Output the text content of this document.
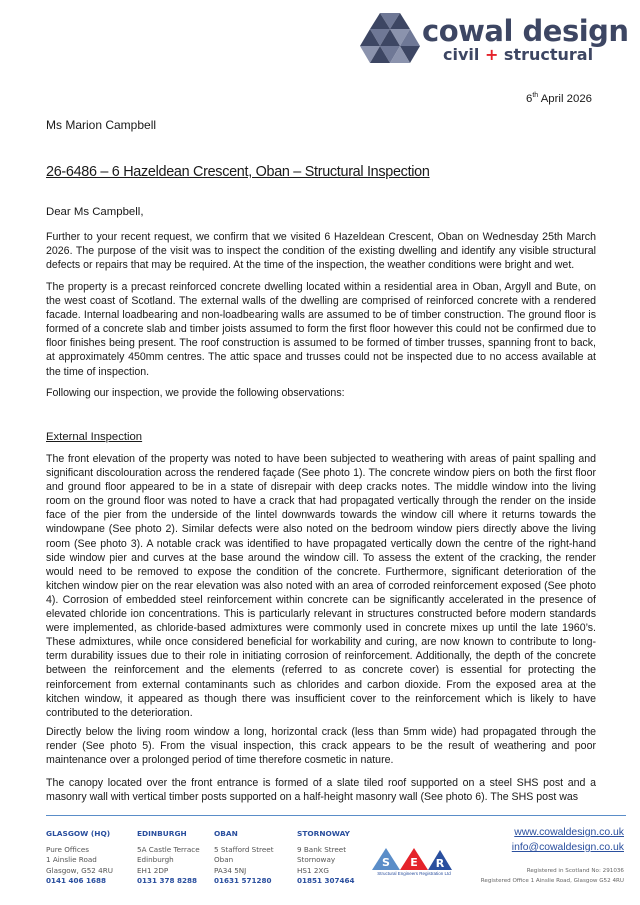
cowal design
civil + structural
6th April 2026
Ms Marion Campbell
26-6486 – 6 Hazeldean Crescent, Oban – Structural Inspection
Dear Ms Campbell,

Further to your recent request, we confirm that we visited 6 Hazeldean Crescent, Oban on Wednesday 25th March 2026. The purpose of the visit was to inspect the condition of the existing dwelling and identify any visible structural defects or repairs that may be required. At the time of the inspection, the weather conditions were bright and wet.

The property is a precast reinforced concrete dwelling located within a residential area in Oban, Argyll and Bute, on the west coast of Scotland. The external walls of the dwelling are comprised of reinforced concrete with a rendered facade. Internal loadbearing and non-loadbearing walls are assumed to be of timber construction. The ground floor is formed of a concrete slab and timber joists assumed to form the first floor however this could not be confirmed due to floor finishes being present. The roof construction is assumed to be formed of timber trusses, spanning front to back, at approximately 450mm centres. The attic space and trusses could not be inspected due to no access available at the time of inspection.

Following our inspection, we provide the following observations:

External Inspection

The front elevation of the property was noted to have been subjected to weathering with areas of paint spalling and significant discolouration across the rendered façade (See photo 1). The concrete window piers on both the first floor and ground floor appeared to be in a state of disrepair with deep cracks notes. The middle window into the living room on the ground floor was noted to have a crack that had propagated vertically through the render on the inside face of the pier from the underside of the lintel downwards towards the window cill where it returns towards the windowpane (See photo 2). Similar defects were also noted on the bedroom window piers directly above the living room (See photo 3). A notable crack was identified to have propagated vertically down the centre of the right-hand side window pier and curves at the base around the window cill. To assess the extent of the cracking, the render would need to be removed to expose the condition of the concrete. Furthermore, significant deterioration of the kitchen window pier on the rear elevation was also noted with an area of corroded reinforcement exposed (See photo 4). Corrosion of embedded steel reinforcement within concrete can be significantly accelerated in the presence of elevated chloride ion concentrations. This is particularly relevant in structures constructed before modern standards were implemented, as chloride-based admixtures were commonly used in concrete mixes up until the late 1960’s. These admixtures, while once considered beneficial for workability and curing, are now known to contribute to long-term durability issues due to their role in initiating corrosion of reinforcement. Additionally, the depth of the concrete between the reinforcement and the elements (referred to as concrete cover) is essential for protecting the reinforcement from external contaminants such as chlorides and carbon dioxide. From the exposed area at the kitchen window, it appeared as though there was insufficient cover to the reinforcement which is likely to have contributed to the deterioration.

Directly below the living room window a long, horizontal crack (less than 5mm wide) had propagated through the render (See photo 5). From the visual inspection, this crack appears to be the result of weathering and poor maintenance over a prolonged period of time therefore cosmetic in nature.

The canopy located over the front entrance is formed of a slate tiled roof supported on a steel SHS post and a masonry wall with vertical timber posts supported on a half-height masonry wall (See photo 6). The SHS post was

GLASGOW (HQ)
Pure Offices
1 Ainslie Road
Glasgow, G52 4RU
0141 406 1688
EDINBURGH
5A Castle Terrace
Edinburgh
EH1 2DP
0131 378 8288
OBAN
5 Stafford Street
Oban
PA34 5NJ
01631 571280
STORNOWAY
9 Bank Street
Stornoway
HS1 2XG
01851 307464
S E R
Structural Engineers Registration Ltd
www.cowaldesign.co.uk
info@cowaldesign.co.uk
Registered in Scotland No: 291036
Registered Office 1 Ainslie Road, Glasgow G52 4RU
